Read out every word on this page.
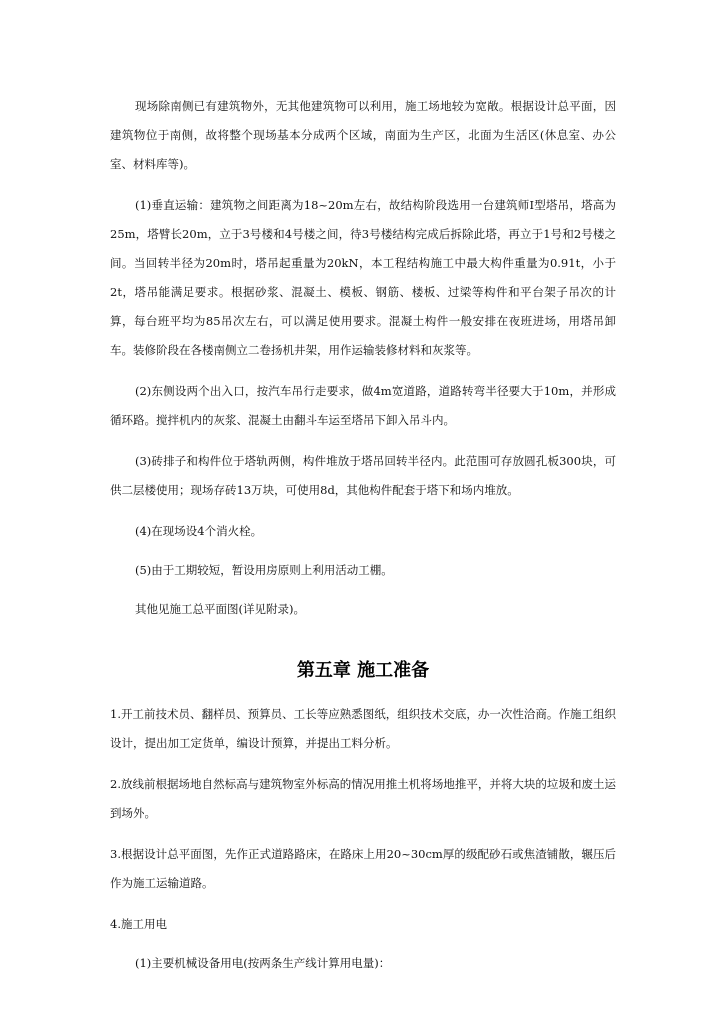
现场除南侧已有建筑物外，无其他建筑物可以利用，施工场地较为宽敞。根据设计总平面，因建筑物位于南侧，故将整个现场基本分成两个区域，南面为生产区，北面为生活区(休息室、办公室、材料库等)。

(1)垂直运输：建筑物之间距离为18~20m左右，故结构阶段选用一台建筑师Ⅰ型塔吊，塔高为25m，塔臂长20m，立于3号楼和4号楼之间，待3号楼结构完成后拆除此塔，再立于1号和2号楼之间。当回转半径为20m时，塔吊起重量为20kN，本工程结构施工中最大构件重量为0.91t，小于2t，塔吊能满足要求。根据砂浆、混凝土、模板、钢筋、楼板、过梁等构件和平台架子吊次的计算，每台班平均为85吊次左右，可以满足使用要求。混凝土构件一般安排在夜班进场，用塔吊卸车。装修阶段在各楼南侧立二卷扬机井架，用作运输装修材料和灰浆等。

(2)东侧设两个出入口，按汽车吊行走要求，做4m宽道路，道路转弯半径要大于10m，并形成循环路。搅拌机内的灰浆、混凝土由翻斗车运至塔吊下卸入吊斗内。

(3)砖排子和构件位于塔轨两侧，构件堆放于塔吊回转半径内。此范围可存放圆孔板300块，可供二层楼使用；现场存砖13万块，可使用8d，其他构件配套于塔下和场内堆放。

(4)在现场设4个消火栓。

(5)由于工期较短，暂设用房原则上利用活动工棚。

其他见施工总平面图(详见附录)。

第五章 施工准备

1.开工前技术员、翻样员、预算员、工长等应熟悉图纸，组织技术交底，办一次性洽商。作施工组织设计，提出加工定货单，编设计预算，并提出工料分析。

2.放线前根据场地自然标高与建筑物室外标高的情况用推土机将场地推平，并将大块的垃圾和废土运到场外。

3.根据设计总平面图，先作正式道路路床，在路床上用20~30cm厚的级配砂石或焦渣铺散，辗压后作为施工运输道路。

4.施工用电

(1)主要机械设备用电(按两条生产线计算用电量)：
